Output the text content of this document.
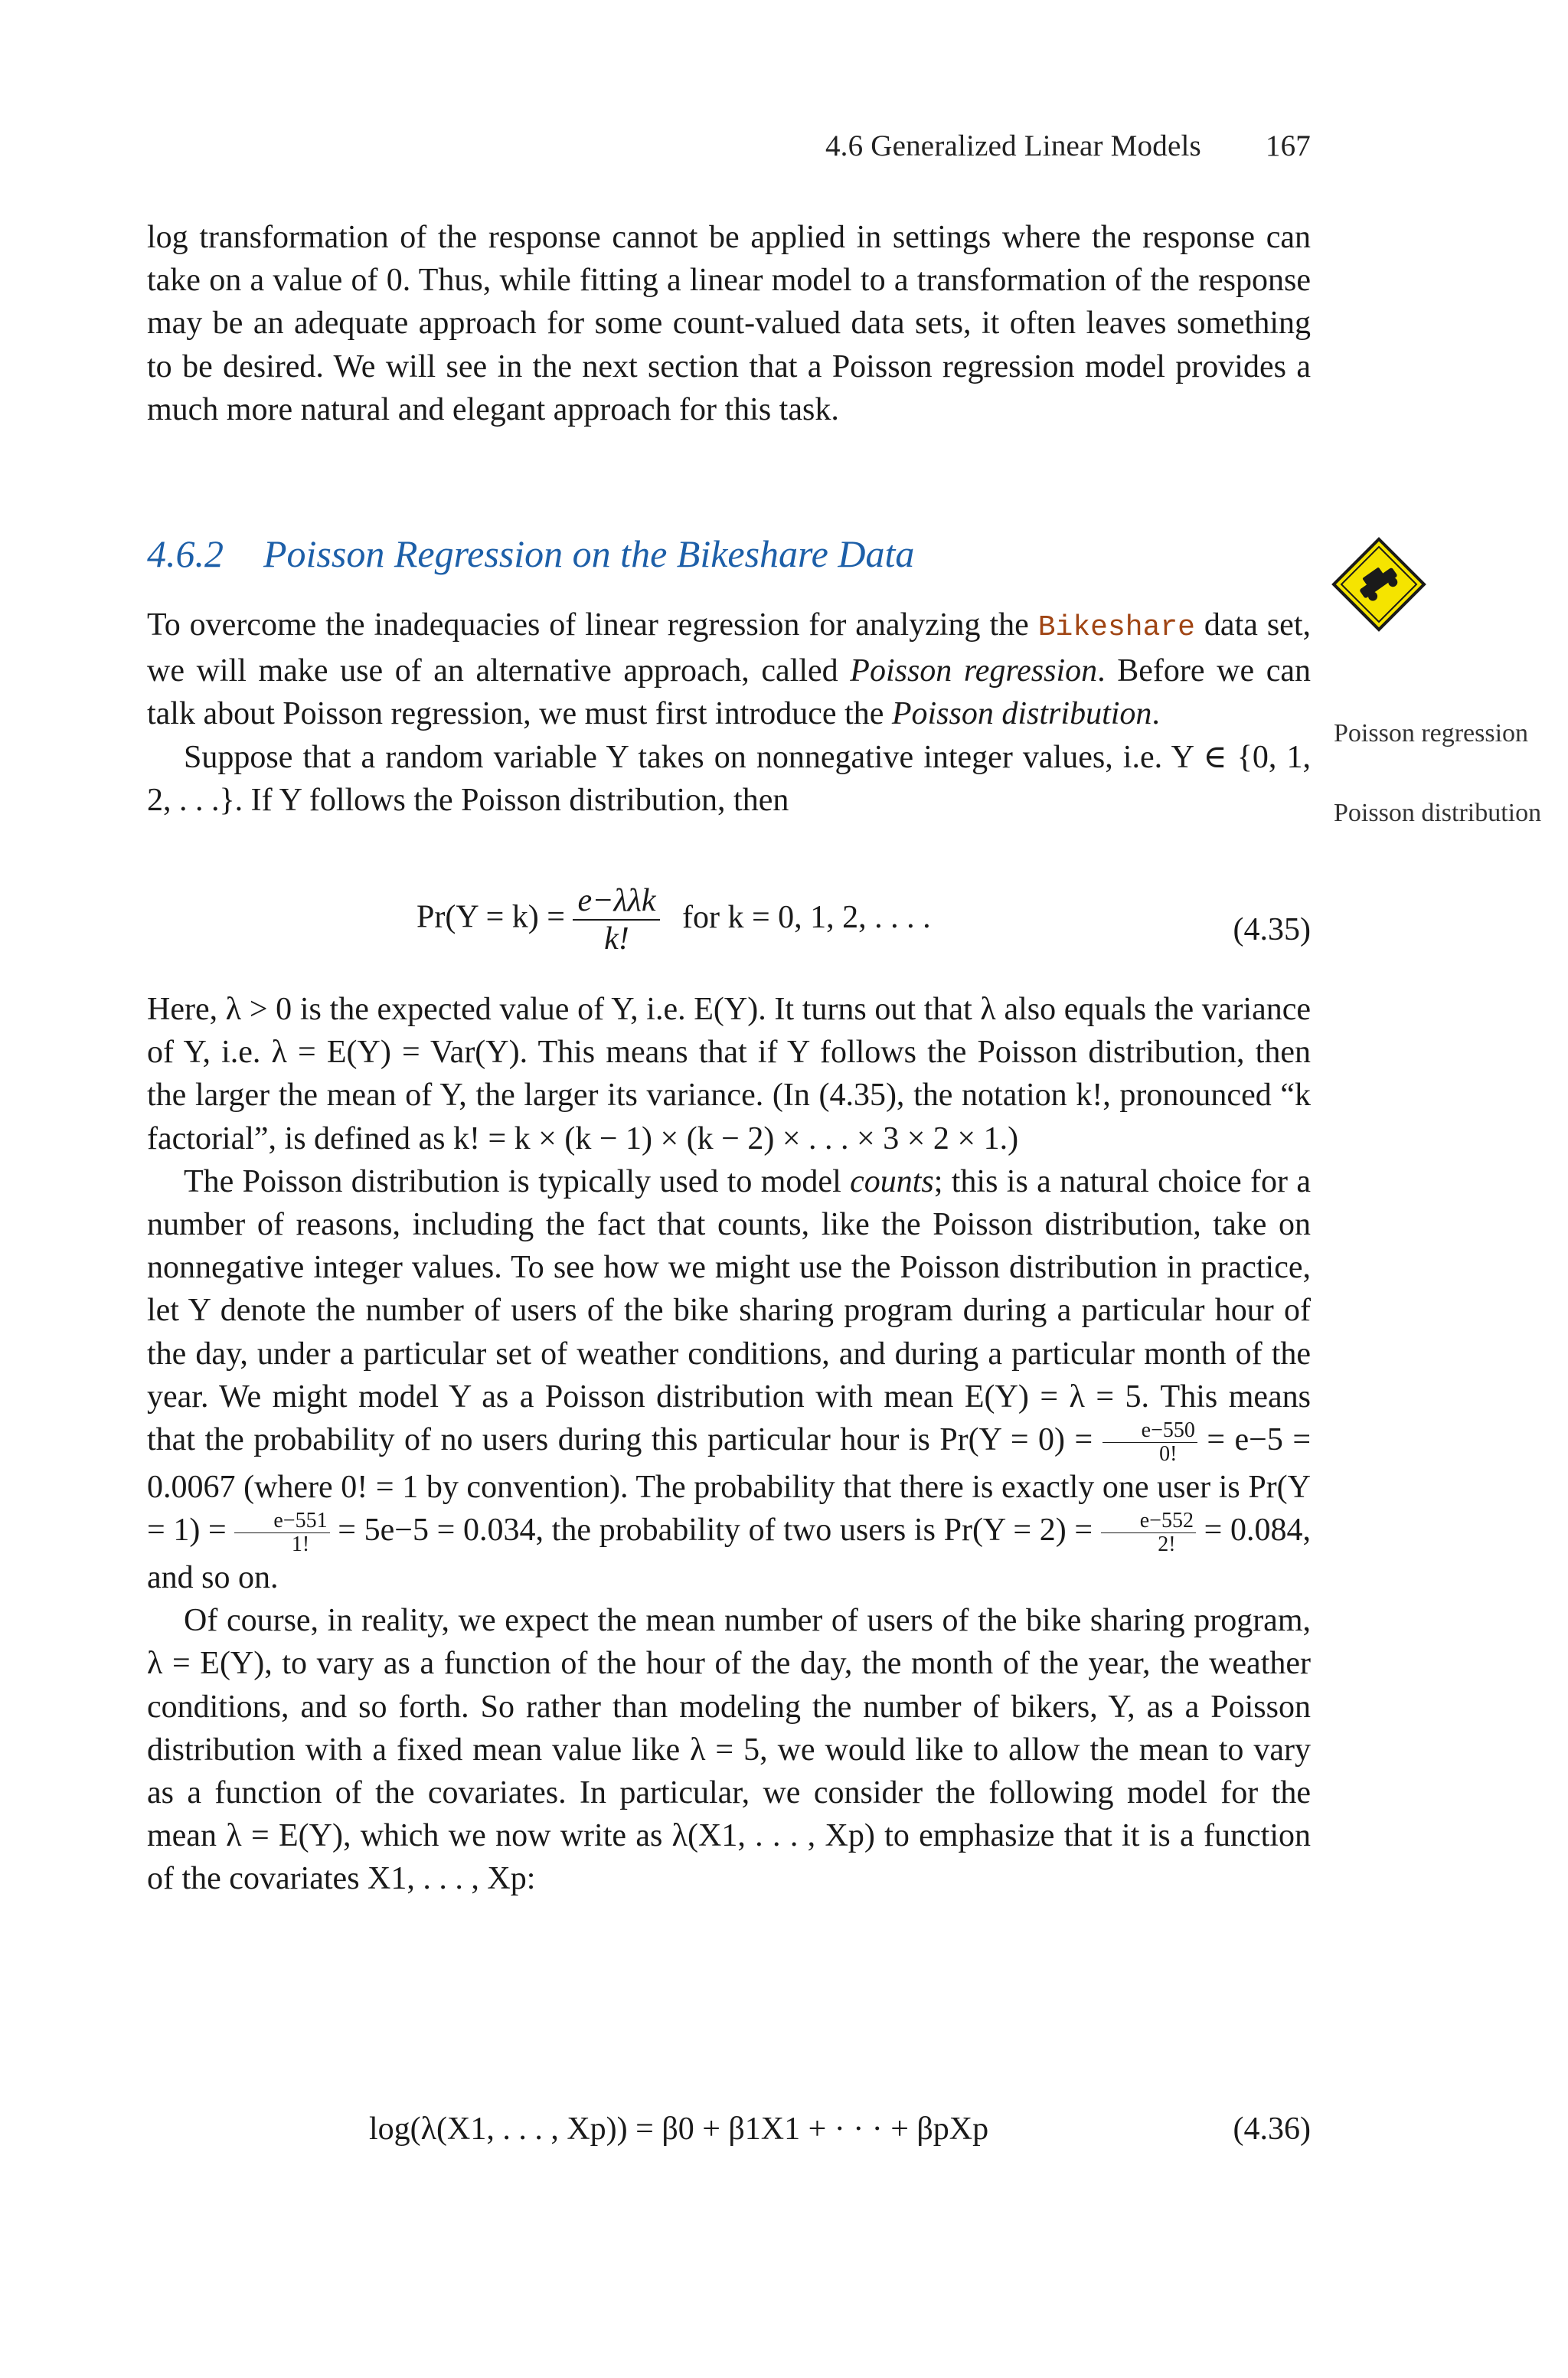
4.6 Generalized Linear Models 167

log transformation of the response cannot be applied in settings where the response can take on a value of 0. Thus, while fitting a linear model to a transformation of the response may be an adequate approach for some count-valued data sets, it often leaves something to be desired. We will see in the next section that a Poisson regression model provides a much more natural and elegant approach for this task.

4.6.2 Poisson Regression on the Bikeshare Data
Poisson regression
Poisson distribution

To overcome the inadequacies of linear regression for analyzing the Bikeshare data set, we will make use of an alternative approach, called Poisson regression. Before we can talk about Poisson regression, we must first introduce the Poisson distribution.

Suppose that a random variable Y takes on nonnegative integer values, i.e. Y ∈ {0, 1, 2, . . .}. If Y follows the Poisson distribution, then

$Pr(Y = k) = \frac{\text{e−λλk}}{k!}$ for k = 0, 1, 2, . . . .	(4.35)

Here, λ > 0 is the expected value of Y, i.e. E(Y). It turns out that λ also equals the variance of Y, i.e. λ = E(Y) = Var(Y). This means that if Y follows the Poisson distribution, then the larger the mean of Y, the larger its variance. (In (4.35), the notation k!, pronounced “k factorial”, is defined as k! = k × (k − 1) × (k − 2) × . . . × 3 × 2 × 1.)

The Poisson distribution is typically used to model counts; this is a natural choice for a number of reasons, including the fact that counts, like the Poisson distribution, take on nonnegative integer values. To see how we might use the Poisson distribution in practice, let Y denote the number of users of the bike sharing program during a particular hour of the day, under a particular set of weather conditions, and during a particular month of the year. We might model Y as a Poisson distribution with mean E(Y) = λ = 5. This means that the probability of no users during this particular hour is $Pr(Y = 0) = \frac{e-550}{0!} = e-5 = 0.0067$ (where 0! = 1 by convention). The probability that there is exactly one user is $Pr(Y = 1) = \frac{e-551}{1!} = 5e-5 = 0.034$, the probability of two users is $Pr(Y = 2) = \frac{e-552}{2!} = 0.084$, and so on.

Of course, in reality, we expect the mean number of users of the bike sharing program, λ = E(Y), to vary as a function of the hour of the day, the month of the year, the weather conditions, and so forth. So rather than modeling the number of bikers, Y, as a Poisson distribution with a fixed mean value like λ = 5, we would like to allow the mean to vary as a function of the covariates. In particular, we consider the following model for the mean λ = E(Y), which we now write as λ(X1, . . . , Xp) to emphasize that it is a function of the covariates X1, . . . , Xp:

log(λ(X1, . . . , Xp)) = β0 + β1X1 + · · · + βpXp	(4.36)
